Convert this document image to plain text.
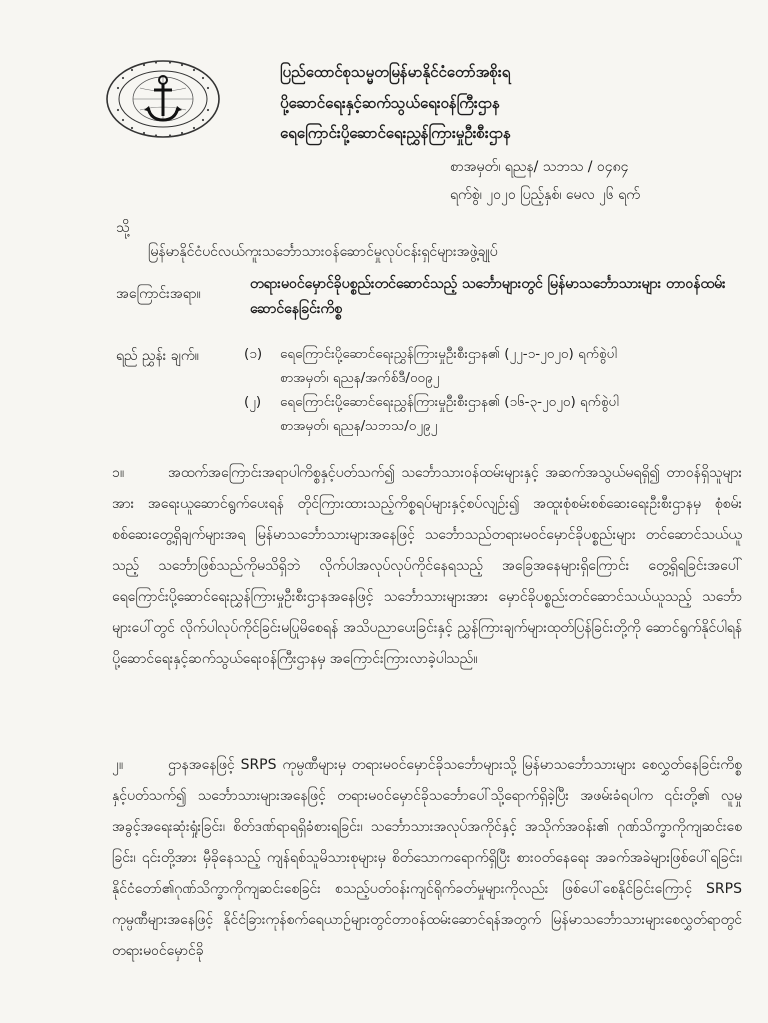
ပြည်ထောင်စုသမ္မတမြန်မာနိုင်ငံတော်အစိုးရ
ပို့ဆောင်ရေးနှင့်ဆက်သွယ်ရေးဝန်ကြီးဌာန
ရေကြောင်းပို့ဆောင်ရေးညွှန်ကြားမှုဦးစီးဌာန
စာအမှတ်၊ ရညန/ သဘသ / ၀၄၈၄
ရက်စွဲ၊ ၂၀၂၀ ပြည့်နှစ်၊ မေလ ၂၆ ရက်
သို့
မြန်မာနိုင်ငံပင်လယ်ကူးသင်္ဘောသားဝန်ဆောင်မှုလုပ်ငန်းရှင်များအဖွဲ့ချုပ်
အကြောင်းအရာ။
တရားမဝင်မှောင်ခိုပစ္စည်းတင်ဆောင်သည့် သင်္ဘောများတွင် မြန်မာသင်္ဘောသားများ တာဝန်ထမ်းဆောင်နေခြင်းကိစ္စ
ရည် ညွှန်း ချက်။	(၁)	ရေကြောင်းပို့ဆောင်ရေးညွှန်ကြားမှုဦးစီးဌာန၏ (၂၂-၁-၂၀၂၀) ရက်စွဲပါ
စာအမှတ်၊ ရညန/အက်စ်ဒီ/၀၀၉၂
(၂)	ရေကြောင်းပို့ဆောင်ရေးညွှန်ကြားမှုဦးစီးဌာန၏ (၁၆-၃-၂၀၂၀) ရက်စွဲပါ
စာအမှတ်၊ ရညန/သဘသ/၀၂၉၂
၁။	အထက်အကြောင်းအရာပါကိစ္စနှင့်ပတ်သက်၍ သင်္ဘောသားဝန်ထမ်းများနှင့် အဆက်အသွယ်မရရှိ၍ တာဝန်ရှိသူများအား အရေးယူဆောင်ရွက်ပေးရန် တိုင်ကြားထားသည့်ကိစ္စရပ်များနှင့်စပ်လျဉ်း၍ အထူးစုံစမ်းစစ်ဆေးရေးဦးစီးဌာနမှ စုံစမ်းစစ်ဆေးတွေ့ရှိချက်များအရ မြန်မာသင်္ဘောသားများအနေဖြင့် သင်္ဘောသည်တရားမဝင်မှောင်ခိုပစ္စည်းများ တင်ဆောင်သယ်ယူသည့် သင်္ဘောဖြစ်သည်ကိုမသိရှိဘဲ လိုက်ပါအလုပ်လုပ်ကိုင်နေရသည့် အခြေအနေများရှိကြောင်း တွေ့ရှိရခြင်းအပေါ် ရေကြောင်းပို့ဆောင်ရေးညွှန်ကြားမှုဦးစီးဌာနအနေဖြင့် သင်္ဘောသားများအား မှောင်ခိုပစ္စည်းတင်ဆောင်သယ်ယူသည့် သင်္ဘောများပေါ်တွင် လိုက်ပါလုပ်ကိုင်ခြင်းမပြုမိစေရန် အသိပညာပေးခြင်းနှင့် ညွှန်ကြားချက်များထုတ်ပြန်ခြင်းတို့ကို ဆောင်ရွက်နိုင်ပါရန် ပို့ဆောင်ရေးနှင့်ဆက်သွယ်ရေးဝန်ကြီးဌာနမှ အကြောင်းကြားလာခဲ့ပါသည်။
၂။	ဌာနအနေဖြင့် SRPS ကုမ္ပဏီများမှ တရားမဝင်မှောင်ခိုသင်္ဘောများသို့ မြန်မာသင်္ဘောသားများ စေလွှတ်နေခြင်းကိစ္စနှင့်ပတ်သက်၍ သင်္ဘောသားများအနေဖြင့် တရားမဝင်မှောင်ခိုသင်္ဘောပေါ်သို့ရောက်ရှိခဲ့ပြီး အဖမ်းခံရပါက ၎င်းတို့၏ လူမှုအခွင့်အရေးဆုံးရှုံးခြင်း၊ စိတ်ဒဏ်ရာရရှိခံစားရခြင်း၊ သင်္ဘောသားအလုပ်အကိုင်နှင့် အသိုက်အဝန်း၏ ဂုဏ်သိက္ခာကိုကျဆင်းစေခြင်း၊ ၎င်းတို့အား မှီခိုနေသည့် ကျန်ရစ်သူမိသားစုများမှ စိတ်သောကရောက်ရှိပြီး စားဝတ်နေရေး အခက်အခဲများဖြစ်ပေါ်ရခြင်း၊ နိုင်ငံတော်၏ဂုဏ်သိက္ခာကိုကျဆင်းစေခြင်း စသည့်ပတ်ဝန်းကျင်ရိုက်ခတ်မှုများကိုလည်း ဖြစ်ပေါ်စေနိုင်ခြင်းကြောင့် SRPS ကုမ္ပဏီများအနေဖြင့် နိုင်ငံခြားကုန်စက်ရေယာဉ်များတွင်တာဝန်ထမ်းဆောင်ရန်အတွက် မြန်မာသင်္ဘောသားများစေလွှတ်ရာတွင် တရားမဝင်မှောင်ခို
